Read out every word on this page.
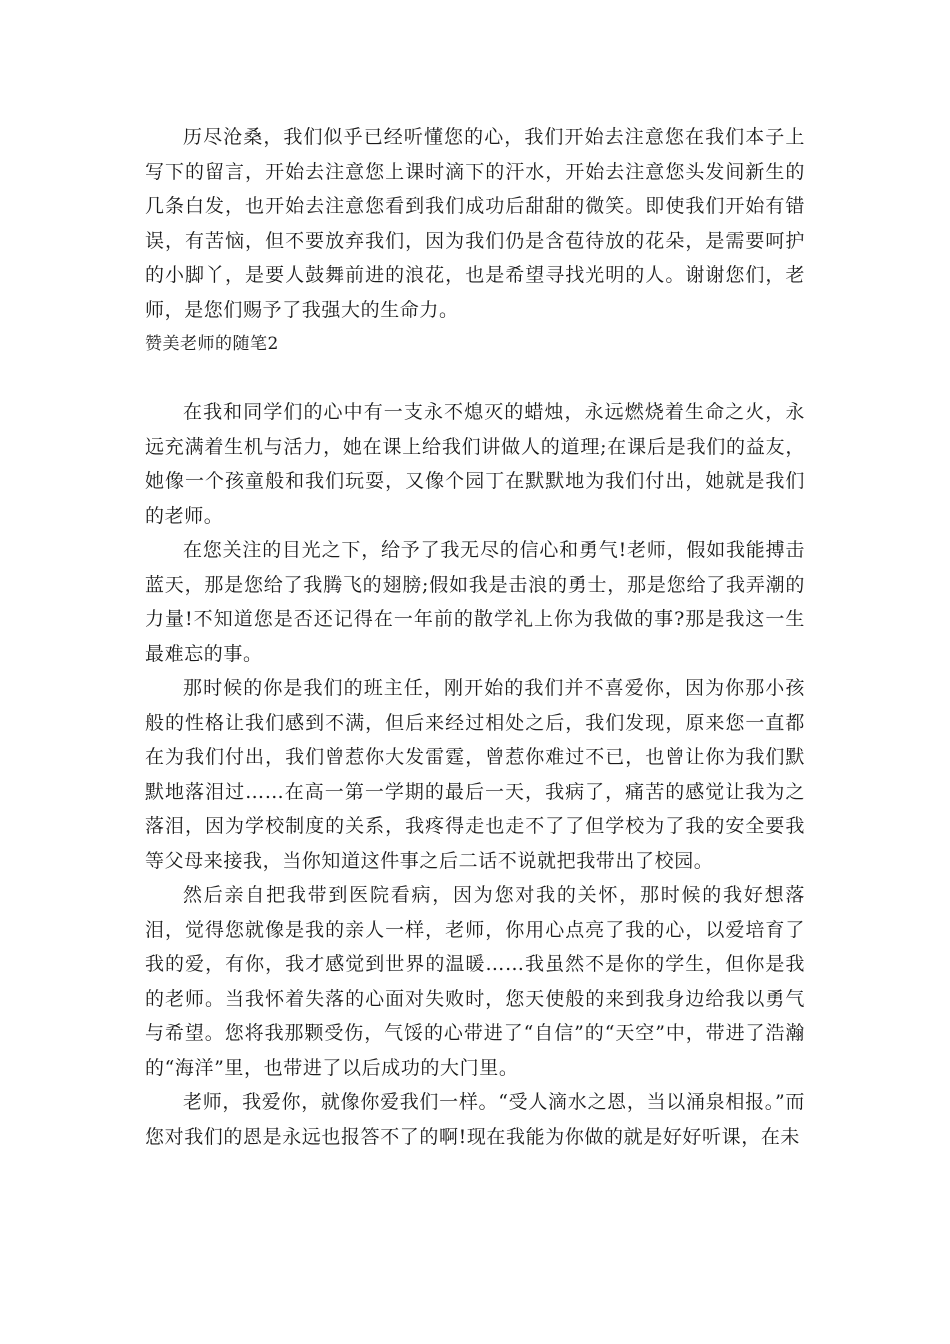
历尽沧桑，我们似乎已经听懂您的心，我们开始去注意您在我们本子上写下的留言，开始去注意您上课时滴下的汗水，开始去注意您头发间新生的几条白发，也开始去注意您看到我们成功后甜甜的微笑。即使我们开始有错误，有苦恼，但不要放弃我们，因为我们仍是含苞待放的花朵，是需要呵护的小脚丫，是要人鼓舞前进的浪花，也是希望寻找光明的人。谢谢您们，老师，是您们赐予了我强大的生命力。

赞美老师的随笔2

在我和同学们的心中有一支永不熄灭的蜡烛，永远燃烧着生命之火，永远充满着生机与活力，她在课上给我们讲做人的道理;在课后是我们的益友，她像一个孩童般和我们玩耍，又像个园丁在默默地为我们付出，她就是我们的老师。

在您关注的目光之下，给予了我无尽的信心和勇气!老师，假如我能搏击蓝天，那是您给了我腾飞的翅膀;假如我是击浪的勇士，那是您给了我弄潮的力量!不知道您是否还记得在一年前的散学礼上你为我做的事?那是我这一生最难忘的事。

那时候的你是我们的班主任，刚开始的我们并不喜爱你，因为你那小孩般的性格让我们感到不满，但后来经过相处之后，我们发现，原来您一直都在为我们付出，我们曾惹你大发雷霆，曾惹你难过不已，也曾让你为我们默默地落泪过……在高一第一学期的最后一天，我病了，痛苦的感觉让我为之落泪，因为学校制度的关系，我疼得走也走不了了但学校为了我的安全要我等父母来接我，当你知道这件事之后二话不说就把我带出了校园。

然后亲自把我带到医院看病，因为您对我的关怀，那时候的我好想落泪，觉得您就像是我的亲人一样，老师，你用心点亮了我的心，以爱培育了我的爱，有你，我才感觉到世界的温暖……我虽然不是你的学生，但你是我的老师。当我怀着失落的心面对失败时，您天使般的来到我身边给我以勇气与希望。您将我那颗受伤，气馁的心带进了“自信”的“天空”中，带进了浩瀚的“海洋”里，也带进了以后成功的大门里。

老师，我爱你，就像你爱我们一样。“受人滴水之恩，当以涌泉相报。”而您对我们的恩是永远也报答不了的啊!现在我能为你做的就是好好听课，在未
